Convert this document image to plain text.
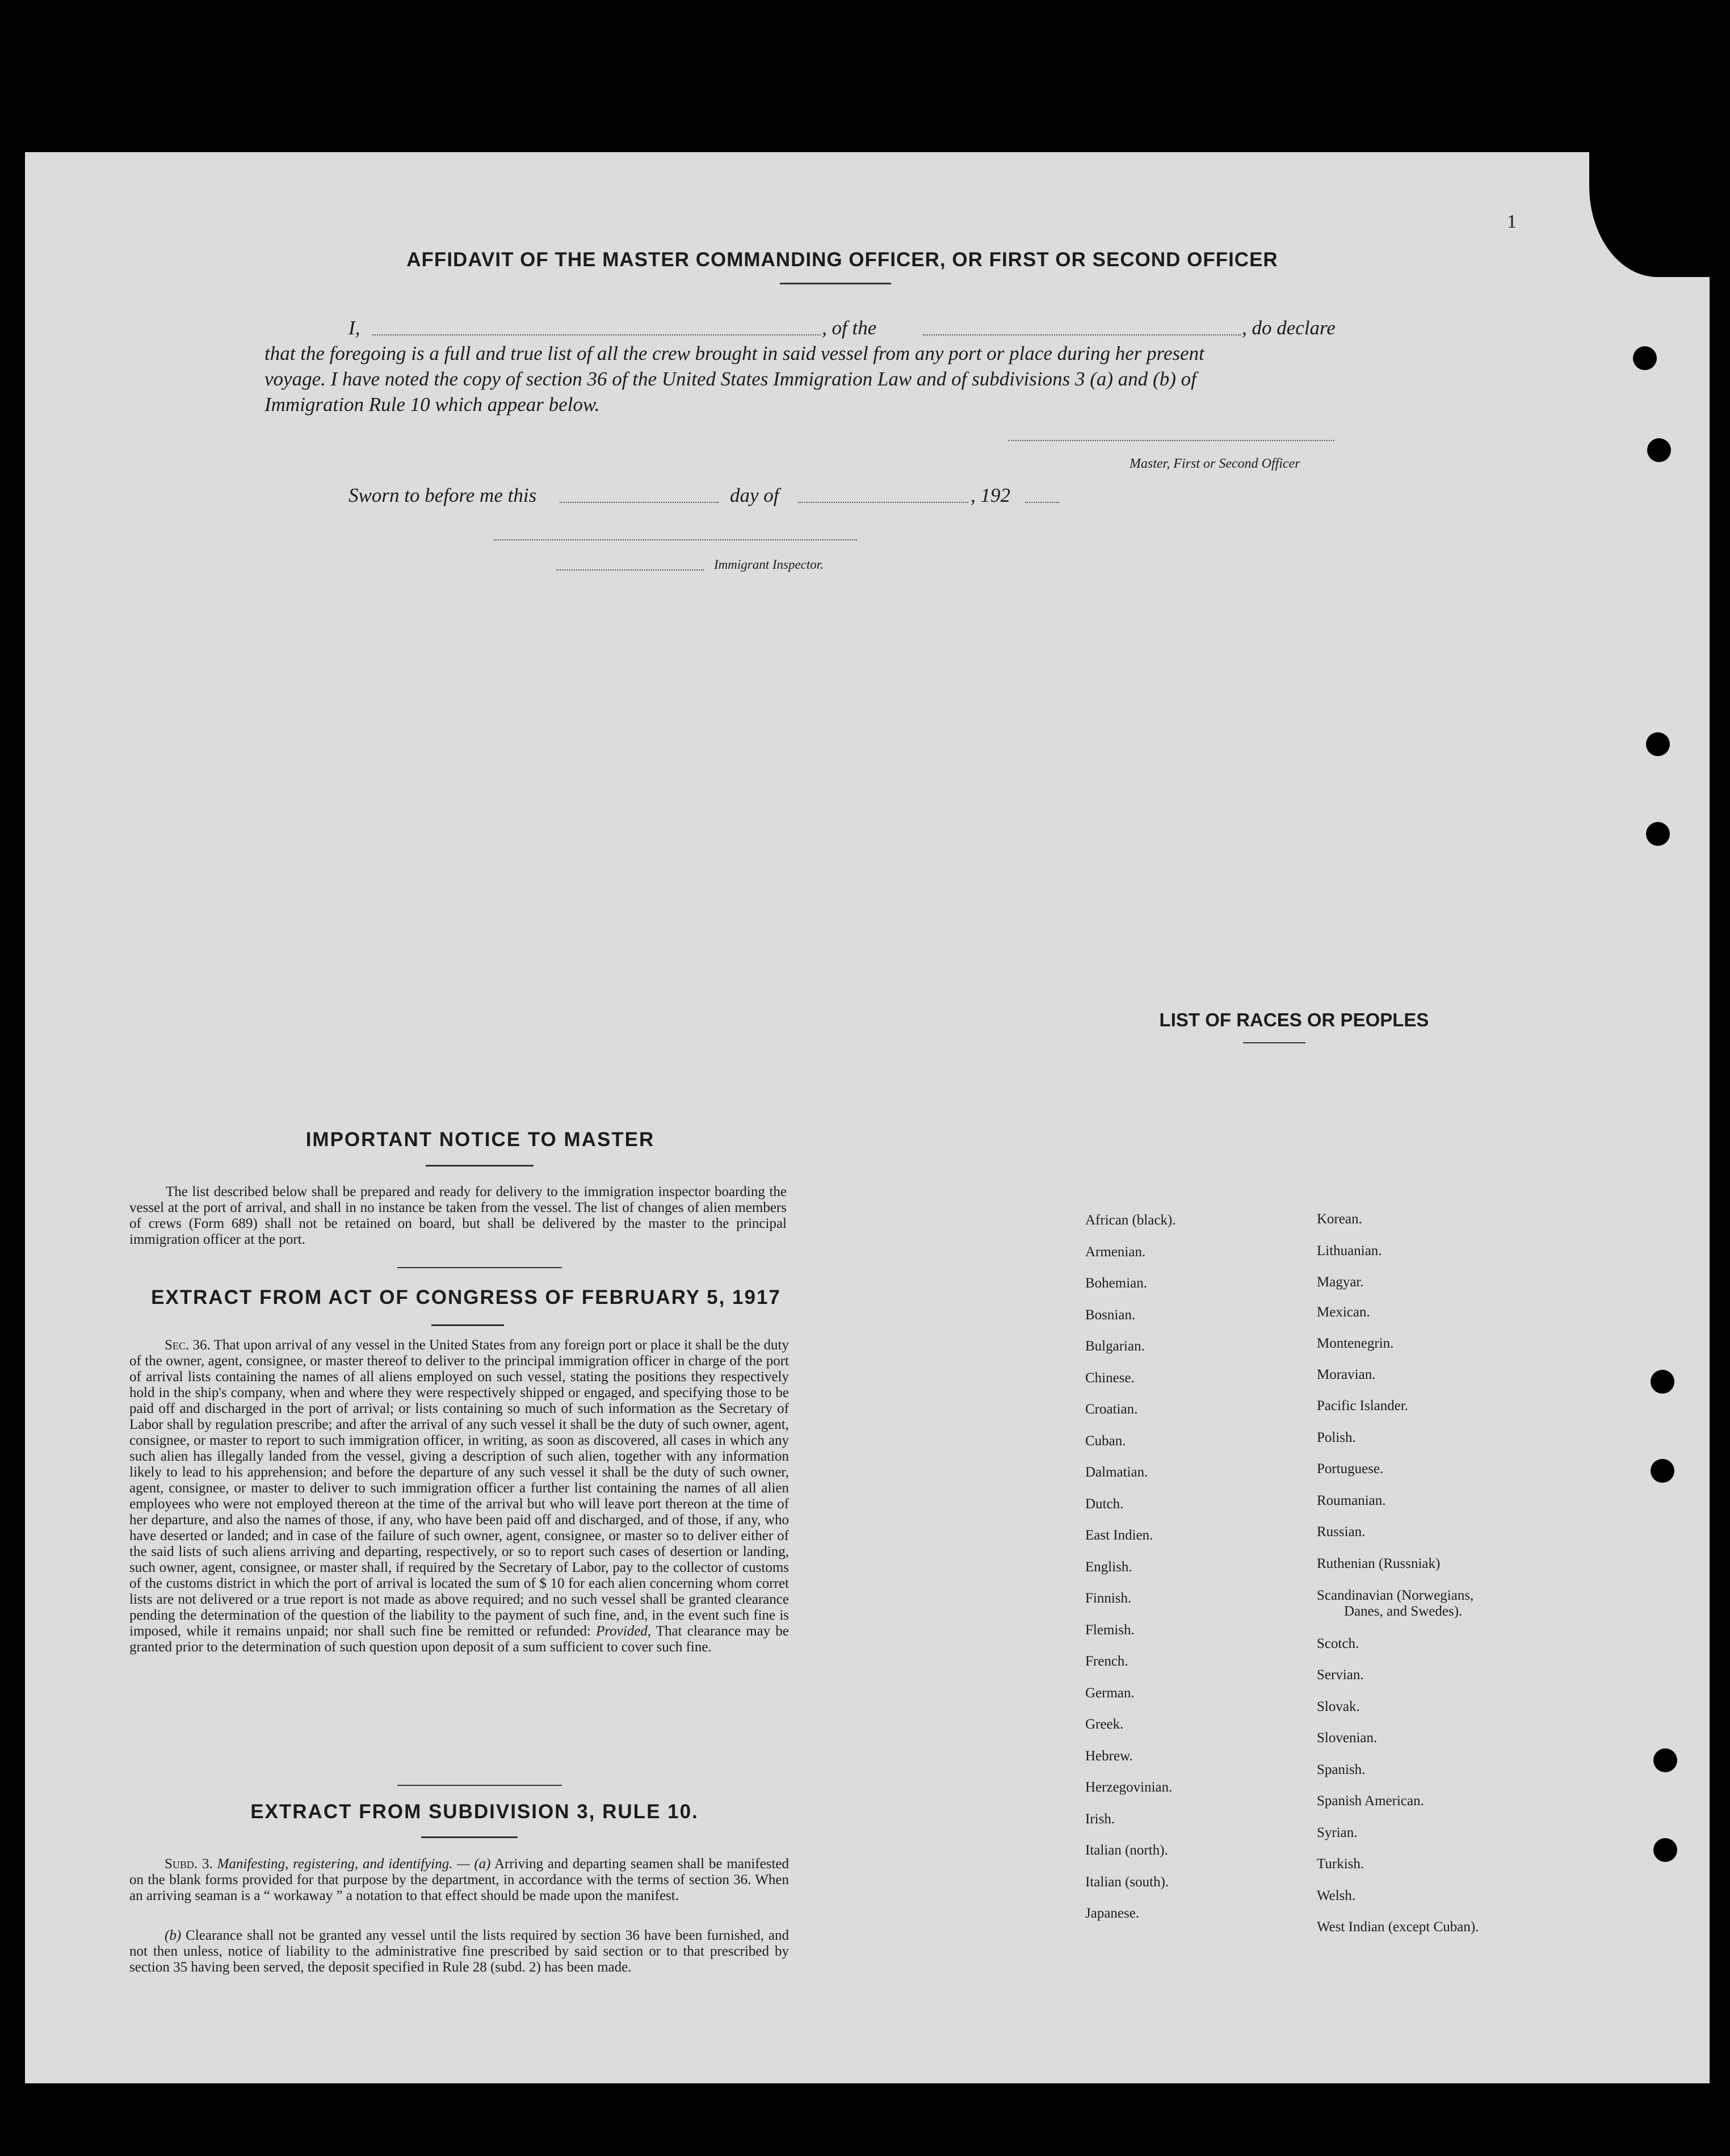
1
AFFIDAVIT OF THE MASTER COMMANDING OFFICER, OR FIRST OR SECOND OFFICER
I,	, of the	, do declare
that the foregoing is a full and true list of all the crew brought in said vessel from any port or place during her present
voyage. I have noted the copy of section 36 of the United States Immigration Law and of subdivisions 3 (a) and (b) of
Immigration Rule 10 which appear below.
Master, First or Second Officer
Sworn to before me this	day of	, 192
Immigrant Inspector.
IMPORTANT NOTICE TO MASTER
The list described below shall be prepared and ready for delivery to the immigration inspector boarding the vessel at the port of arrival, and shall in no instance be taken from the vessel. The list of changes of alien members of crews (Form 689) shall not be retained on board, but shall be delivered by the master to the principal immigration officer at the port.
EXTRACT FROM ACT OF CONGRESS OF FEBRUARY 5, 1917
Sec. 36. That upon arrival of any vessel in the United States from any foreign port or place it shall be the duty of the owner, agent, consignee, or master thereof to deliver to the principal immigration officer in charge of the port of arrival lists containing the names of all aliens employed on such vessel, stating the positions they respectively hold in the ship's company, when and where they were respectively shipped or engaged, and specifying those to be paid off and discharged in the port of arrival; or lists containing so much of such information as the Secretary of Labor shall by regulation prescribe; and after the arrival of any such vessel it shall be the duty of such owner, agent, consignee, or master to report to such immigration officer, in writing, as soon as discovered, all cases in which any such alien has illegally landed from the vessel, giving a description of such alien, together with any information likely to lead to his apprehension; and before the departure of any such vessel it shall be the duty of such owner, agent, consignee, or master to deliver to such immigration officer a further list containing the names of all alien employees who were not employed thereon at the time of the arrival but who will leave port thereon at the time of her departure, and also the names of those, if any, who have been paid off and discharged, and of those, if any, who have deserted or landed; and in case of the failure of such owner, agent, consignee, or master so to deliver either of the said lists of such aliens arriving and departing, respectively, or so to report such cases of desertion or landing, such owner, agent, consignee, or master shall, if required by the Secretary of Labor, pay to the collector of customs of the customs district in which the port of arrival is located the sum of $ 10 for each alien concerning whom corret lists are not delivered or a true report is not made as above required; and no such vessel shall be granted clearance pending the determination of the question of the liability to the payment of such fine, and, in the event such fine is imposed, while it remains unpaid; nor shall such fine be remitted or refunded: Provided, That clearance may be granted prior to the determination of such question upon deposit of a sum sufficient to cover such fine.
EXTRACT FROM SUBDIVISION 3, RULE 10.
Subd. 3. Manifesting, registering, and identifying. — (a) Arriving and departing seamen shall be manifested on the blank forms provided for that purpose by the department, in accordance with the terms of section 36. When an arriving seaman is a “ workaway ” a notation to that effect should be made upon the manifest.
(b) Clearance shall not be granted any vessel until the lists required by section 36 have been furnished, and not then unless, notice of liability to the administrative fine prescribed by said section or to that prescribed by section 35 having been served, the deposit specified in Rule 28 (subd. 2) has been made.
LIST OF RACES OR PEOPLES
African (black).
Armenian.
Bohemian.
Bosnian.
Bulgarian.
Chinese.
Croatian.
Cuban.
Dalmatian.
Dutch.
East Indien.
English.
Finnish.
Flemish.
French.
German.
Greek.
Hebrew.
Herzegovinian.
Irish.
Italian (north).
Italian (south).
Japanese.
Korean.
Lithuanian.
Magyar.
Mexican.
Montenegrin.
Moravian.
Pacific Islander.
Polish.
Portuguese.
Roumanian.
Russian.
Ruthenian (Russniak)
Scandinavian (Norwegians,
Danes, and Swedes).
Scotch.
Servian.
Slovak.
Slovenian.
Spanish.
Spanish American.
Syrian.
Turkish.
Welsh.
West Indian (except Cuban).
